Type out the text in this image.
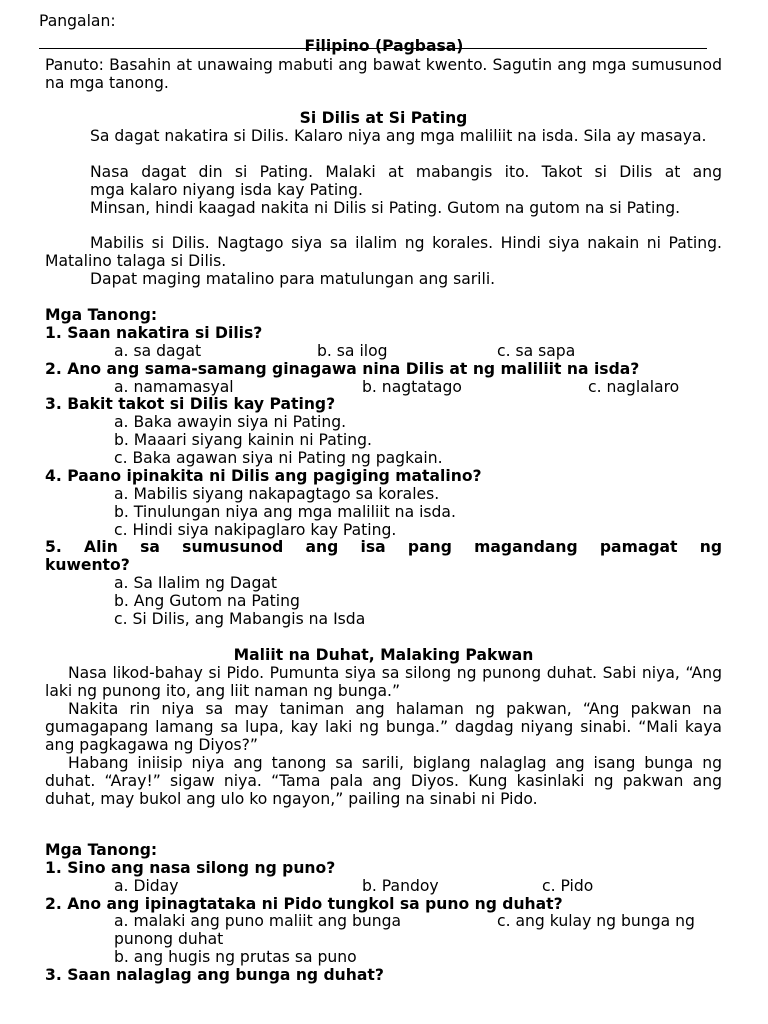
Pangalan:
Filipino (Pagbasa)
Panuto: Basahin at unawaing mabuti ang bawat kwento. Sagutin ang mga sumusunod na mga tanong.
Si Dilis at Si Pating
Sa dagat nakatira si Dilis. Kalaro niya ang mga maliliit na isda. Sila ay masaya.
Nasa dagat din si Pating. Malaki at mabangis ito. Takot si Dilis at ang
mga kalaro niyang isda kay Pating.
Minsan, hindi kaagad nakita ni Dilis si Pating. Gutom na gutom na si Pating.
Mabilis si Dilis. Nagtago siya sa ilalim ng korales. Hindi siya nakain ni Pating. Matalino talaga si Dilis.
Dapat maging matalino para matulungan ang sarili.
Mga Tanong:
1. Saan nakatira si Dilis?
a. sa dagat	b. sa ilog	c. sa sapa
2. Ano ang sama-samang ginagawa nina Dilis at ng maliliit na isda?
a. namamasyal	b. nagtatago	c. naglalaro
3. Bakit takot si Dilis kay Pating?
a. Baka awayin siya ni Pating.
b. Maaari siyang kainin ni Pating.
c. Baka agawan siya ni Pating ng pagkain.
4. Paano ipinakita ni Dilis ang pagiging matalino?
a. Mabilis siyang nakapagtago sa korales.
b. Tinulungan niya ang mga maliliit na isda.
c. Hindi siya nakipaglaro kay Pating.
5. Alin sa sumusunod ang isa pang magandang pamagat ng
kuwento?
a. Sa Ilalim ng Dagat
b. Ang Gutom na Pating
c. Si Dilis, ang Mabangis na Isda
Maliit na Duhat, Malaking Pakwan
Nasa likod-bahay si Pido. Pumunta siya sa silong ng punong duhat. Sabi niya, “Ang laki ng punong ito, ang liit naman ng bunga.”
Nakita rin niya sa may taniman ang halaman ng pakwan, “Ang pakwan na gumagapang lamang sa lupa, kay laki ng bunga.” dagdag niyang sinabi. “Mali kaya ang pagkagawa ng Diyos?”
Habang iniisip niya ang tanong sa sarili, biglang nalaglag ang isang bunga ng duhat. “Aray!” sigaw niya. “Tama pala ang Diyos. Kung kasinlaki ng pakwan ang duhat, may bukol ang ulo ko ngayon,” pailing na sinabi ni Pido.
Mga Tanong:
1. Sino ang nasa silong ng puno?
a. Diday	b. Pandoy	c. Pido
2. Ano ang ipinagtataka ni Pido tungkol sa puno ng duhat?
a. malaki ang puno maliit ang bunga	c. ang kulay ng bunga ng
punong duhat
b. ang hugis ng prutas sa puno
3. Saan nalaglag ang bunga ng duhat?
